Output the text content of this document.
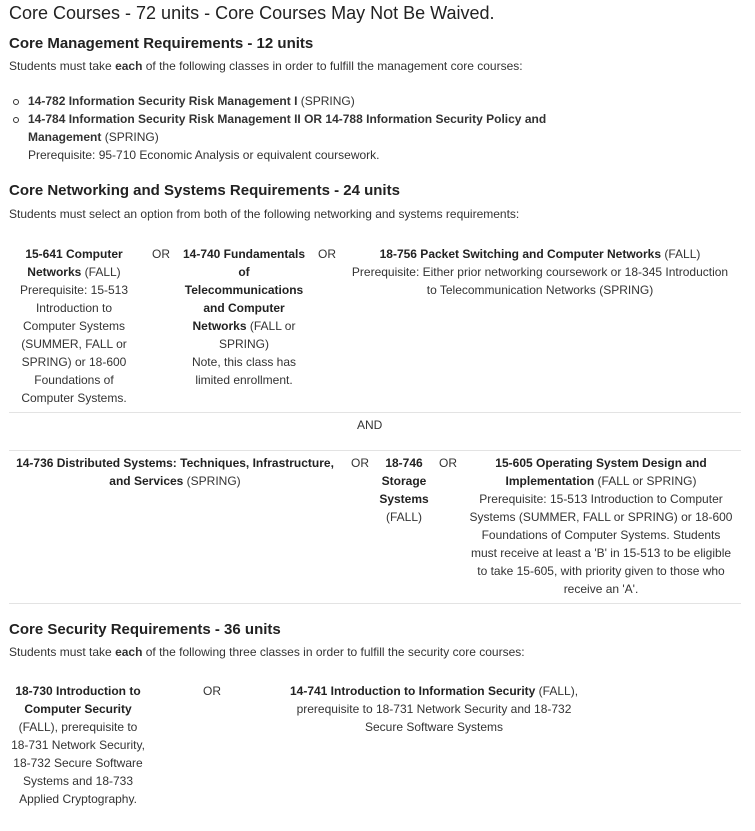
Core Courses - 72 units - Core Courses May Not Be Waived.
Core Management Requirements - 12 units
Students must take each of the following classes in order to fulfill the management core courses:
14-782 Information Security Risk Management I (SPRING)
14-784 Information Security Risk Management II OR 14-788 Information Security Policy and Management (SPRING)
Prerequisite: 95-710 Economic Analysis or equivalent coursework.
Core Networking and Systems Requirements - 24 units
Students must select an option from both of the following networking and systems requirements:
15-641 Computer Networks (FALL)
Prerequisite: 15-513 Introduction to Computer Systems (SUMMER, FALL or SPRING) or 18-600 Foundations of Computer Systems.
OR 14-740 Fundamentals of Telecommunications and Computer Networks (FALL or SPRING)
Note, this class has limited enrollment.
OR	18-756 Packet Switching and Computer Networks (FALL)
Prerequisite: Either prior networking coursework or 18-345 Introduction to Telecommunication Networks (SPRING)
AND
14-736 Distributed Systems: Techniques, Infrastructure, and Services (SPRING)
OR	18-746 Storage Systems (FALL)
OR	15-605 Operating System Design and Implementation (FALL or SPRING)
Prerequisite: 15-513 Introduction to Computer Systems (SUMMER, FALL or SPRING) or 18-600 Foundations of Computer Systems. Students must receive at least a 'B' in 15-513 to be eligible to take 15-605, with priority given to those who receive an 'A'.
Core Security Requirements - 36 units
Students must take each of the following three classes in order to fulfill the security core courses:
18-730 Introduction to Computer Security (FALL), prerequisite to 18-731 Network Security, 18-732 Secure Software Systems and 18-733 Applied Cryptography.
OR	14-741 Introduction to Information Security (FALL), prerequisite to 18-731 Network Security and 18-732 Secure Software Systems
